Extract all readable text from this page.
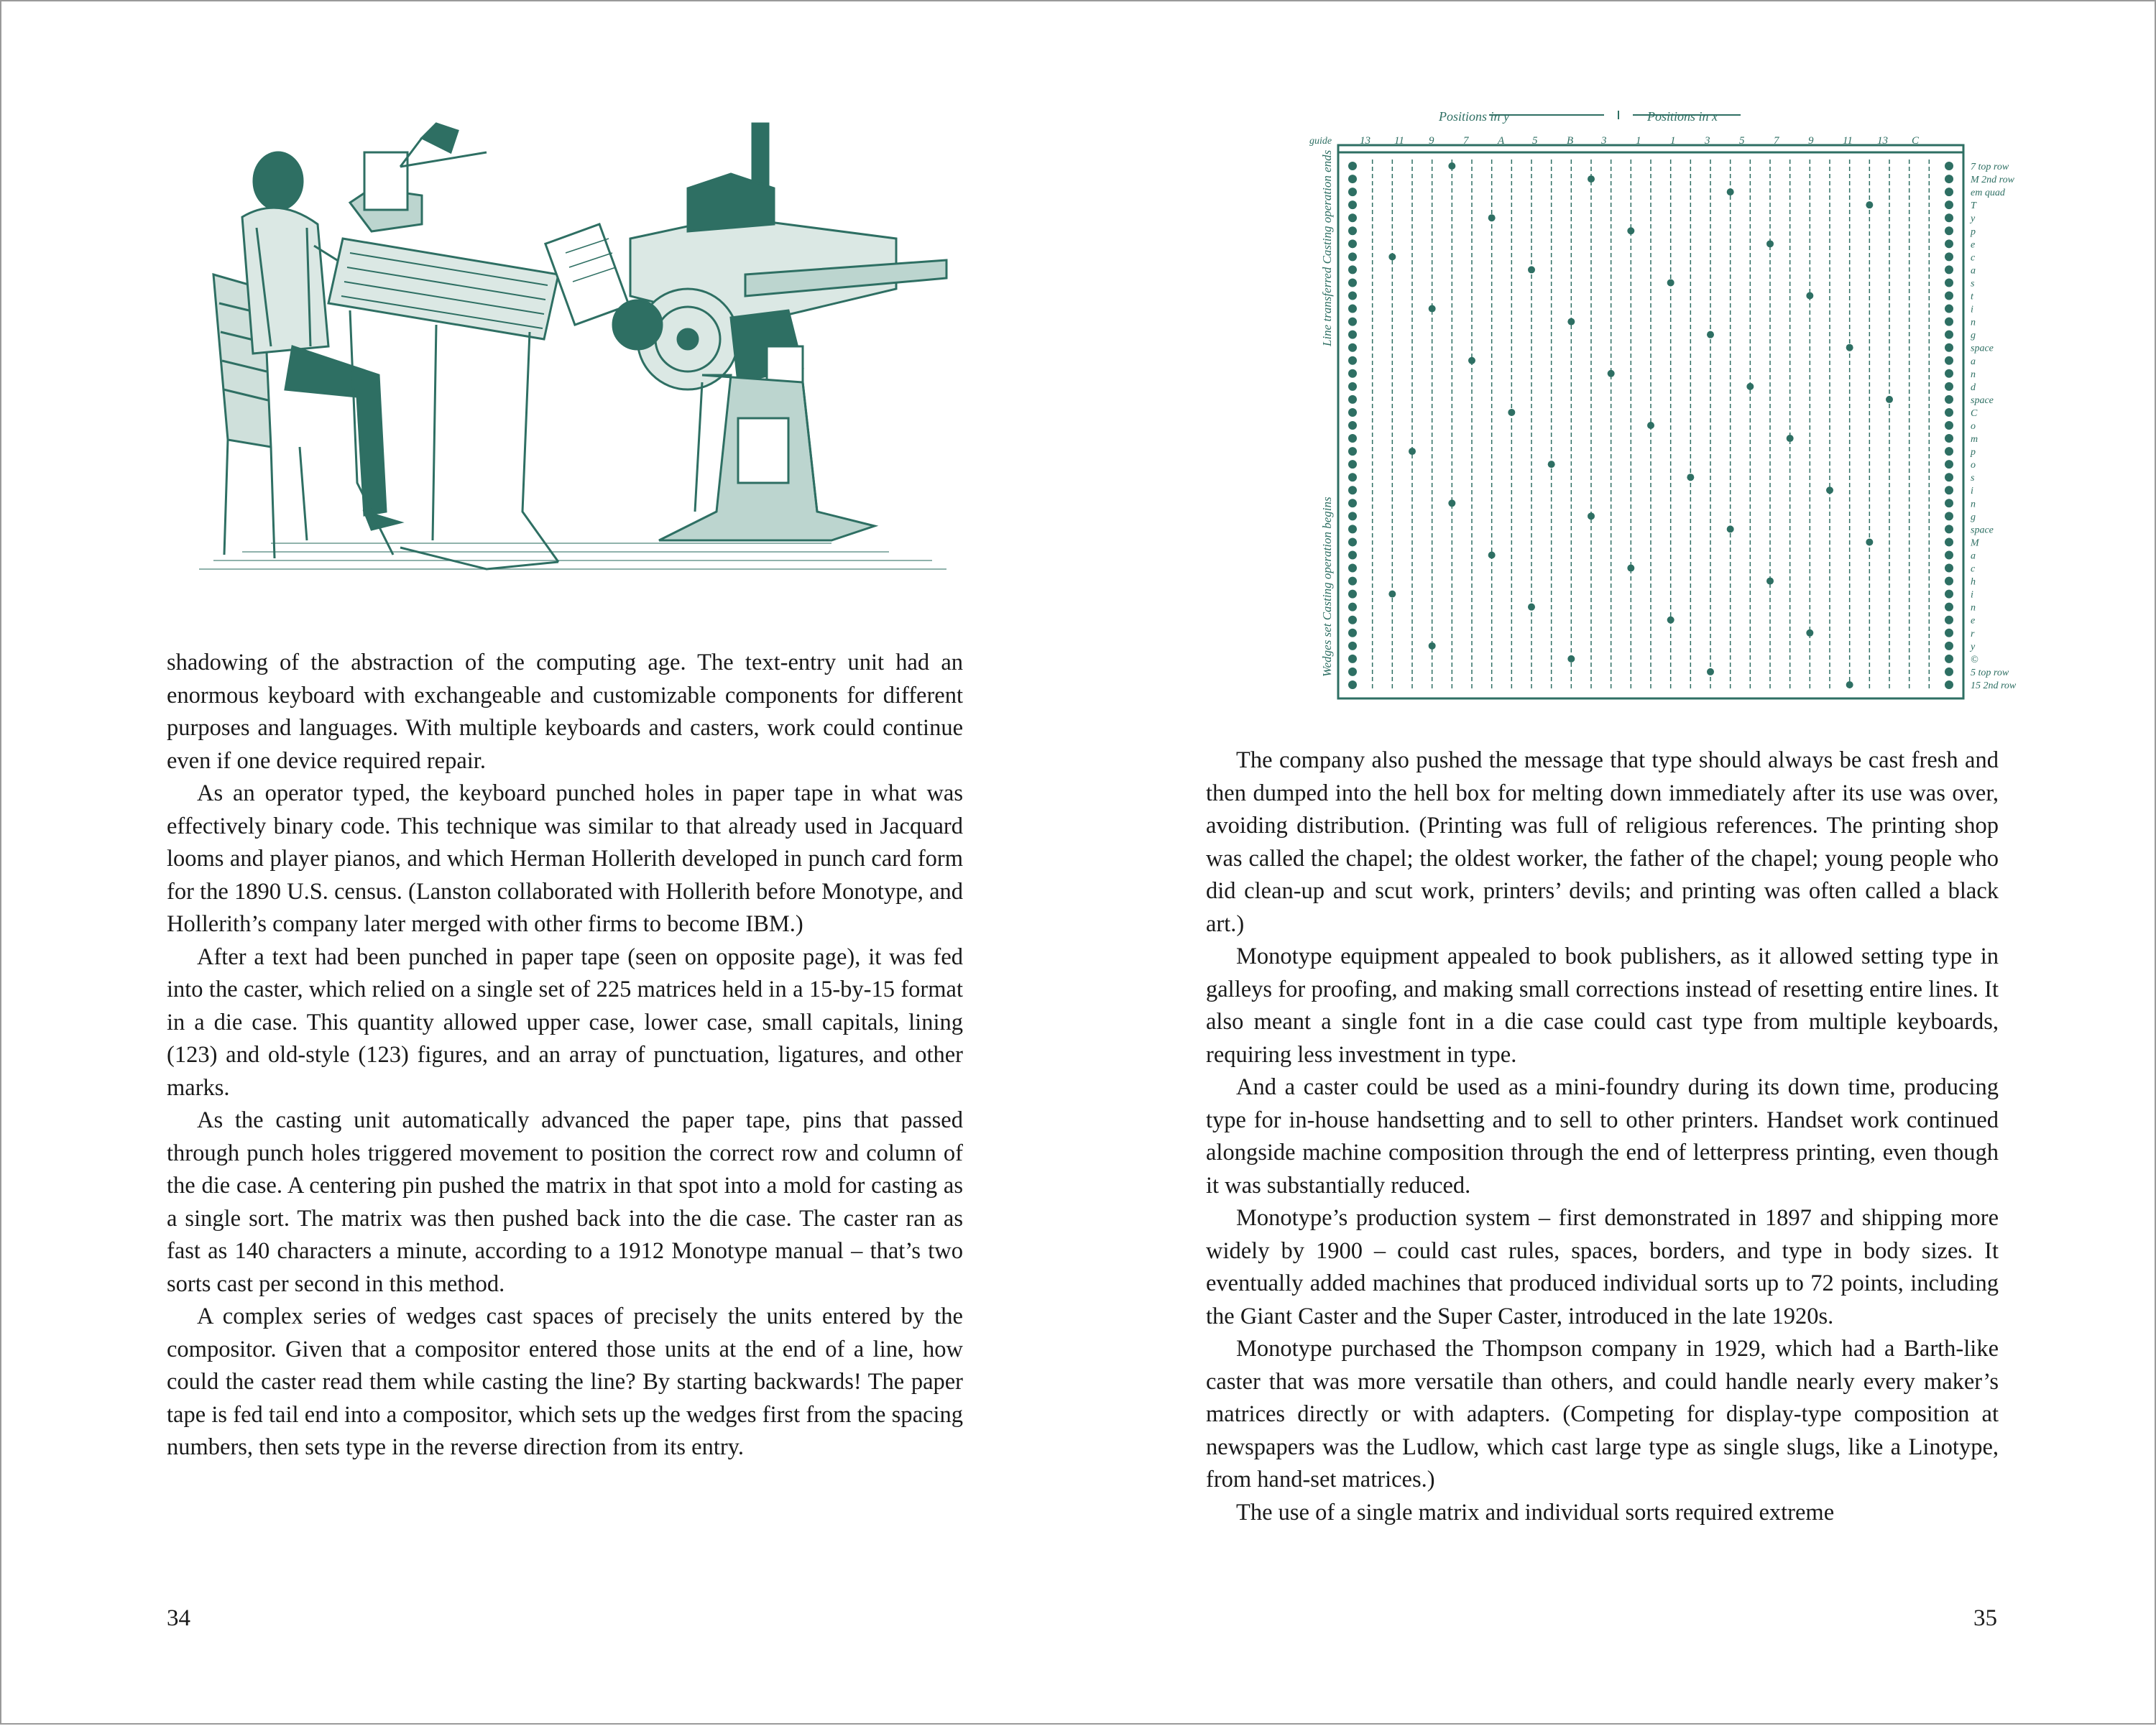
shadowing of the abstraction of the computing age. The text-entry unit had an enormous keyboard with exchangeable and customizable components for different purposes and languages. With multiple keyboards and casters, work could continue even if one device required repair.

As an operator typed, the keyboard punched holes in paper tape in what was effectively binary code. This technique was similar to that already used in Jacquard looms and player pianos, and which Herman Hollerith developed in punch card form for the 1890 U.S. census. (Lanston collaborated with Hollerith before Monotype, and Hollerith’s company later merged with other firms to become IBM.)

After a text had been punched in paper tape (seen on opposite page), it was fed into the caster, which relied on a single set of 225 matrices held in a 15-by-15 format in a die case. This quantity allowed upper case, lower case, small capitals, lining (123) and old-style (123) figures, and an array of punctuation, ligatures, and other marks.

As the casting unit automatically advanced the paper tape, pins that passed through punch holes triggered movement to position the correct row and column of the die case. A centering pin pushed the matrix in that spot into a mold for casting as a single sort. The matrix was then pushed back into the die case. The caster ran as fast as 140 characters a minute, according to a 1912 Monotype manual – that’s two sorts cast per second in this method.

A complex series of wedges cast spaces of precisely the units entered by the compositor. Given that a compositor entered those units at the end of a line, how could the caster read them while casting the line? By starting backwards! The paper tape is fed tail end into a compositor, which sets up the wedges first from the spacing numbers, then sets type in the reverse direction from its entry.

34
Positions in y	Positions in x
guide	13 11 9	7	A	5	B	3	1	1	3	5	7	9	11 13 C
7 top row
M 2nd row
em quad
T
y
p
e
c
a
s
t
i
n
g
space
a
n
d
space
C
o
m
p
o
s
i
n
g
space
M
a
c
h
i
n
e
r
y
©
5 top row
15 2nd row
Line transferred Casting operation ends
Wedges set Casting operation begins

The company also pushed the message that type should always be cast fresh and then dumped into the hell box for melting down immediately after its use was over, avoiding distribution. (Printing was full of religious references. The printing shop was called the chapel; the oldest worker, the father of the chapel; young people who did clean-up and scut work, printers’ devils; and printing was often called a black art.)

Monotype equipment appealed to book publishers, as it allowed setting type in galleys for proofing, and making small corrections instead of resetting entire lines. It also meant a single font in a die case could cast type from multiple keyboards, requiring less investment in type.

And a caster could be used as a mini-foundry during its down time, producing type for in-house handsetting and to sell to other printers. Handset work continued alongside machine composition through the end of letterpress printing, even though it was substantially reduced.

Monotype’s production system – first demonstrated in 1897 and shipping more widely by 1900 – could cast rules, spaces, borders, and type in body sizes. It eventually added machines that produced individual sorts up to 72 points, including the Giant Caster and the Super Caster, introduced in the late 1920s.

Monotype purchased the Thompson company in 1929, which had a Barth-like caster that was more versatile than others, and could handle nearly every maker’s matrices directly or with adapters. (Competing for display-type composition at newspapers was the Ludlow, which cast large type as single slugs, like a Linotype, from hand-set matrices.)

The use of a single matrix and individual sorts required extreme

35
